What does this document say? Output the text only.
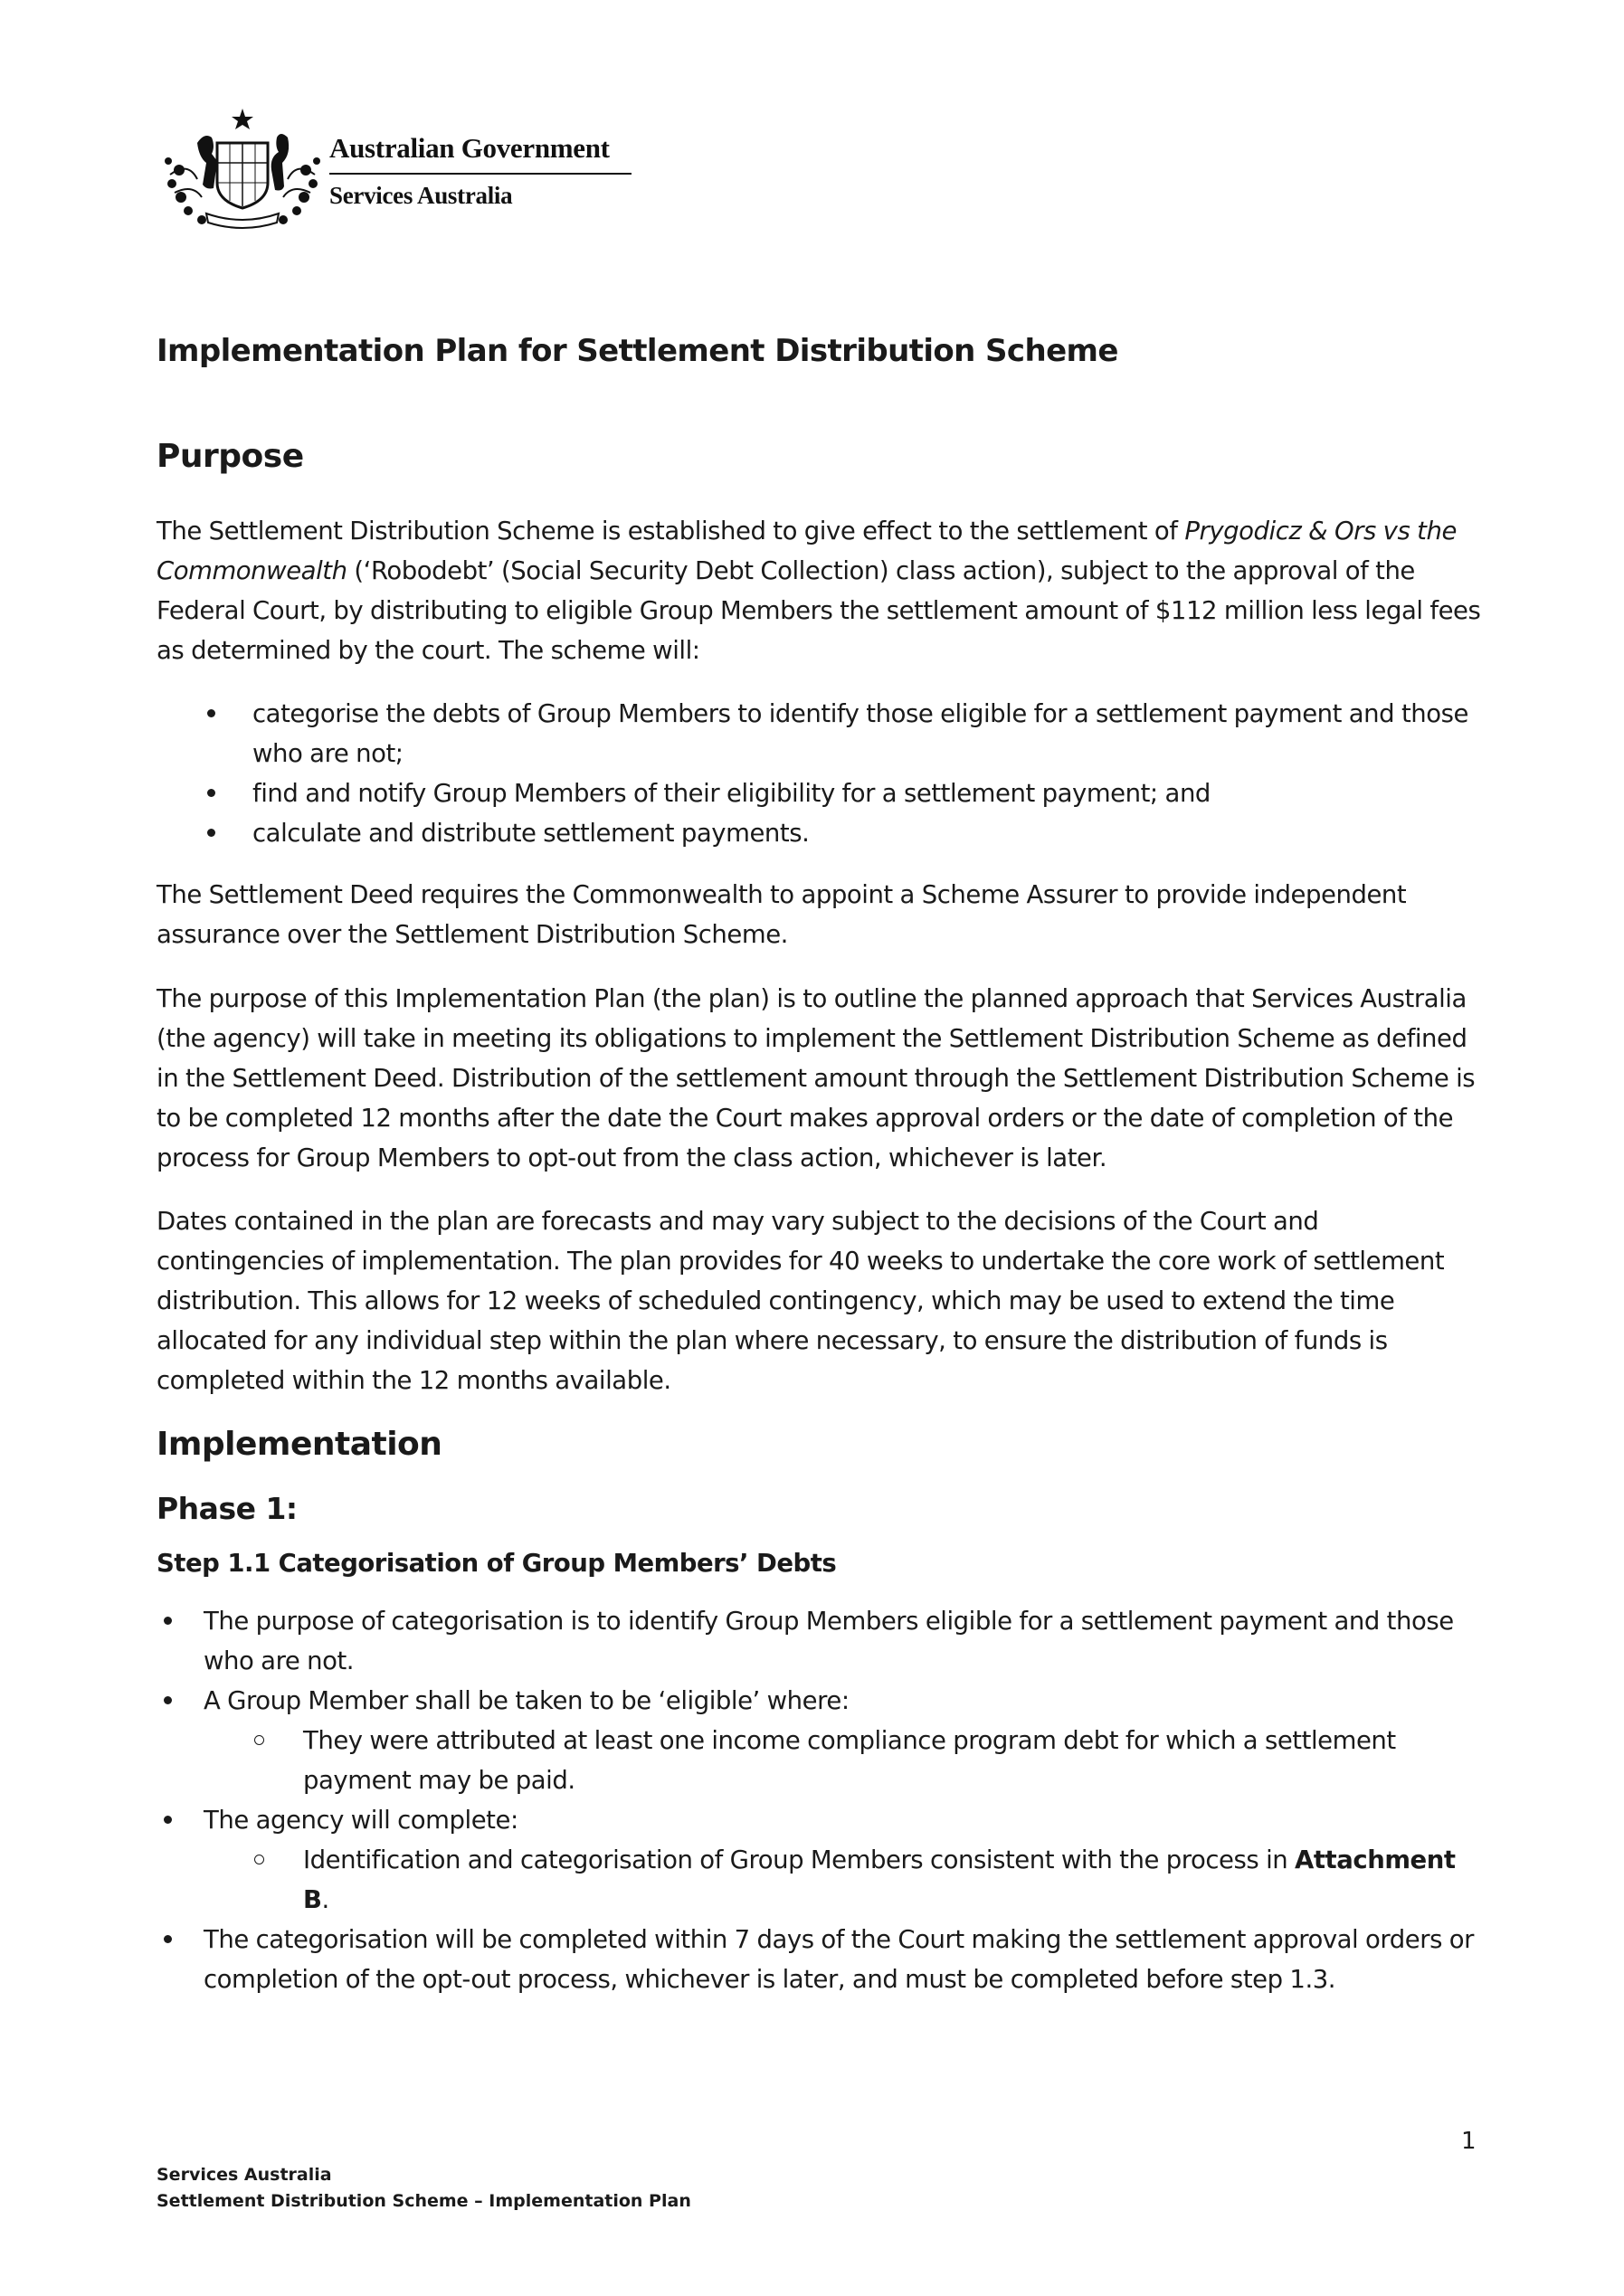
Australian Government
Services Australia
Implementation Plan for Settlement Distribution Scheme
Purpose
The Settlement Distribution Scheme is established to give effect to the settlement of Prygodicz & Ors vs the Commonwealth (‘Robodebt’ (Social Security Debt Collection) class action), subject to the approval of the Federal Court, by distributing to eligible Group Members the settlement amount of $112 million less legal fees as determined by the court. The scheme will:
categorise the debts of Group Members to identify those eligible for a settlement payment and those who are not;
find and notify Group Members of their eligibility for a settlement payment; and
calculate and distribute settlement payments.
The Settlement Deed requires the Commonwealth to appoint a Scheme Assurer to provide independent assurance over the Settlement Distribution Scheme.
The purpose of this Implementation Plan (the plan) is to outline the planned approach that Services Australia (the agency) will take in meeting its obligations to implement the Settlement Distribution Scheme as defined in the Settlement Deed. Distribution of the settlement amount through the Settlement Distribution Scheme is to be completed 12 months after the date the Court makes approval orders or the date of completion of the process for Group Members to opt-out from the class action, whichever is later.
Dates contained in the plan are forecasts and may vary subject to the decisions of the Court and contingencies of implementation. The plan provides for 40 weeks to undertake the core work of settlement distribution. This allows for 12 weeks of scheduled contingency, which may be used to extend the time allocated for any individual step within the plan where necessary, to ensure the distribution of funds is completed within the 12 months available.
Implementation
Phase 1:
Step 1.1 Categorisation of Group Members’ Debts
The purpose of categorisation is to identify Group Members eligible for a settlement payment and those who are not.
A Group Member shall be taken to be ‘eligible’ where:
They were attributed at least one income compliance program debt for which a settlement payment may be paid.
The agency will complete:
Identification and categorisation of Group Members consistent with the process in Attachment B.
The categorisation will be completed within 7 days of the Court making the settlement approval orders or completion of the opt-out process, whichever is later, and must be completed before step 1.3.
1
Services Australia
Settlement Distribution Scheme – Implementation Plan
